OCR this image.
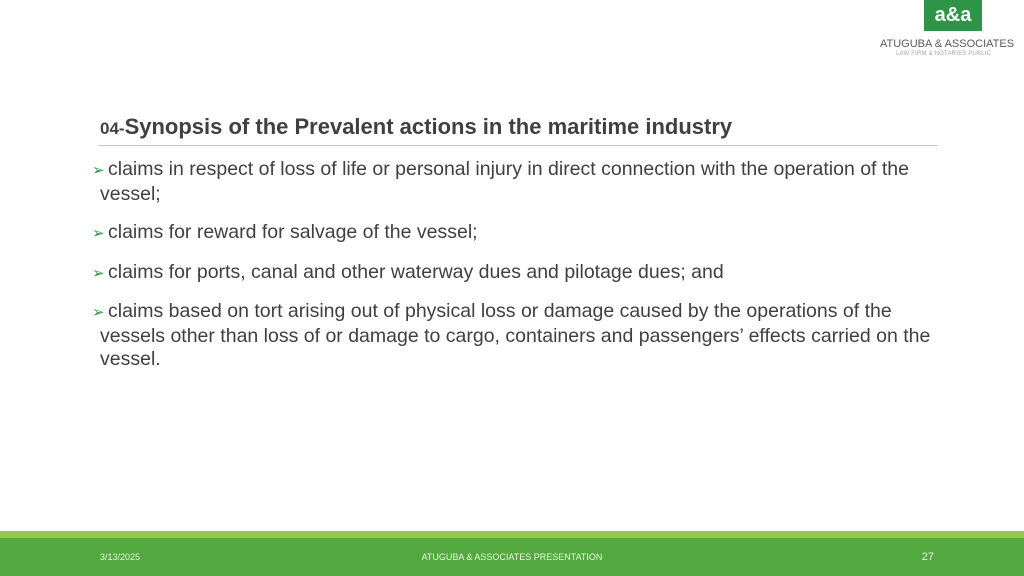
a&a
ATUGUBA & ASSOCIATES
LAW FIRM & NOTARIES PUBLIC
04-Synopsis of the Prevalent actions in the maritime industry
➢ claims in respect of loss of life or personal injury in direct connection with the operation of the vessel;
➢ claims for reward for salvage of the vessel;
➢ claims for ports, canal and other waterway dues and pilotage dues; and
➢ claims based on tort arising out of physical loss or damage caused by the operations of the vessels other than loss of or damage to cargo, containers and passengers’ effects carried on the vessel.
3/13/2025	ATUGUBA & ASSOCIATES PRESENTATION	27
